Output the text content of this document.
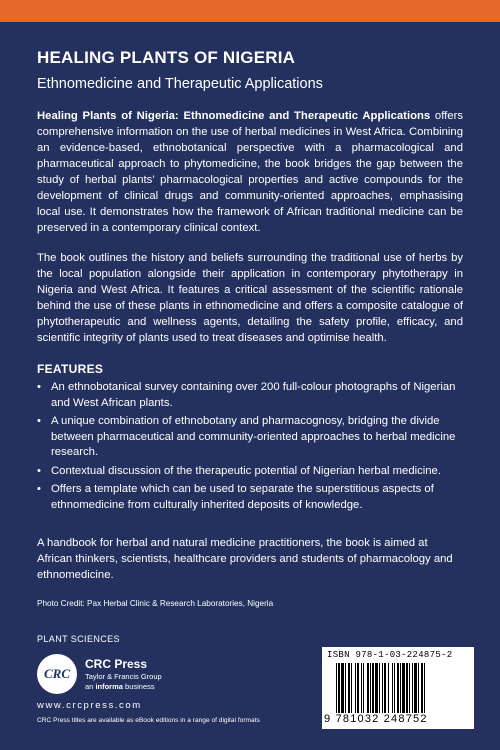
HEALING PLANTS OF NIGERIA
Ethnomedicine and Therapeutic Applications

Healing Plants of Nigeria: Ethnomedicine and Therapeutic Applications offers comprehensive information on the use of herbal medicines in West Africa. Combining an evidence-based, ethnobotanical perspective with a pharmacological and pharmaceutical approach to phytomedicine, the book bridges the gap between the study of herbal plants’ pharmacological properties and active compounds for the development of clinical drugs and community-oriented approaches, emphasising local use. It demonstrates how the framework of African traditional medicine can be preserved in a contemporary clinical context.

The book outlines the history and beliefs surrounding the traditional use of herbs by the local population alongside their application in contemporary phytotherapy in Nigeria and West Africa. It features a critical assessment of the scientific rationale behind the use of these plants in ethnomedicine and offers a composite catalogue of phytotherapeutic and wellness agents, detailing the safety profile, efficacy, and scientific integrity of plants used to treat diseases and optimise health.

FEATURES
• An ethnobotanical survey containing over 200 full-colour photographs of Nigerian and West African plants.
• A unique combination of ethnobotany and pharmacognosy, bridging the divide between pharmaceutical and community-oriented approaches to herbal medicine research.
• Contextual discussion of the therapeutic potential of Nigerian herbal medicine.
• Offers a template which can be used to separate the superstitious aspects of ethnomedicine from culturally inherited deposits of knowledge.

A handbook for herbal and natural medicine practitioners, the book is aimed at African thinkers, scientists, healthcare providers and students of pharmacology and ethnomedicine.

Photo Credit: Pax Herbal Clinic & Research Laboratories, Nigeria
PLANT SCIENCES
CRC
CRC Press
Taylor & Francis Group
an informa business
www.crcpress.com
CRC Press titles are available as eBook editions in a range of digital formats
ISBN 978-1-03-224875-2
9 781032 248752
